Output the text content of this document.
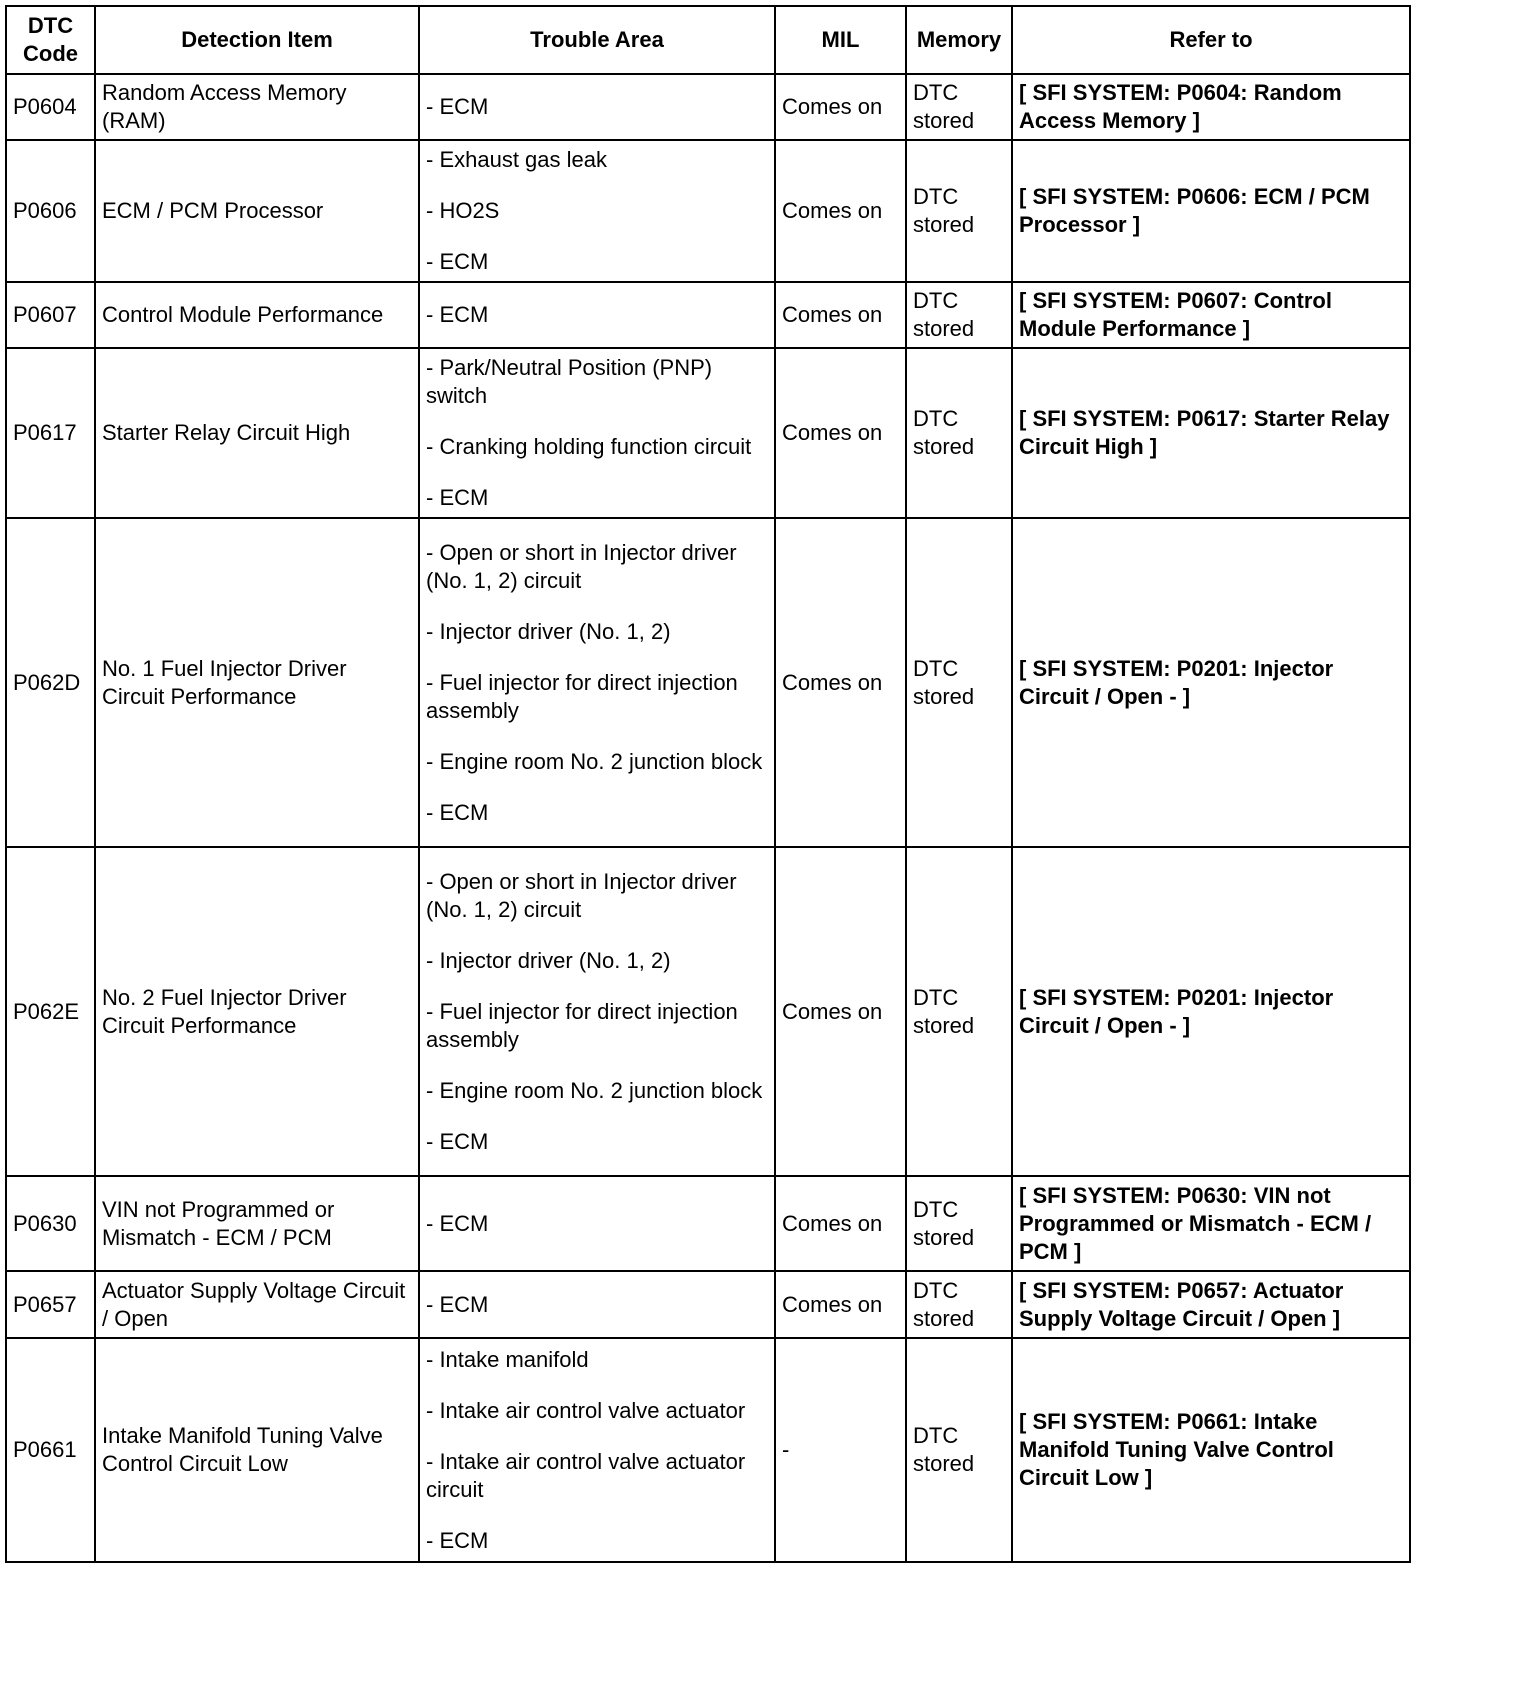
DTC Code	Detection Item	Trouble Area	MIL	Memory	Refer to
P0604	Random Access Memory (RAM)	- ECM	Comes on	DTC stored	[ SFI SYSTEM: P0604: Random Access Memory ]
P0606	ECM / PCM Processor	- Exhaust gas leak
- HO2S
- ECM	Comes on	DTC stored	[ SFI SYSTEM: P0606: ECM / PCM Processor ]
P0607	Control Module Performance	- ECM	Comes on	DTC stored	[ SFI SYSTEM: P0607: Control Module Performance ]
P0617	Starter Relay Circuit High	- Park/Neutral Position (PNP) switch
- Cranking holding function circuit
- ECM	Comes on	DTC stored	[ SFI SYSTEM: P0617: Starter Relay Circuit High ]
P062D	No. 1 Fuel Injector Driver Circuit Performance	- Open or short in Injector driver (No. 1, 2) circuit
- Injector driver (No. 1, 2)
- Fuel injector for direct injection assembly
- Engine room No. 2 junction block
- ECM	Comes on	DTC stored	[ SFI SYSTEM: P0201: Injector Circuit / Open - ]
P062E	No. 2 Fuel Injector Driver Circuit Performance	- Open or short in Injector driver (No. 1, 2) circuit
- Injector driver (No. 1, 2)
- Fuel injector for direct injection assembly
- Engine room No. 2 junction block
- ECM	Comes on	DTC stored	[ SFI SYSTEM: P0201: Injector Circuit / Open - ]
P0630	VIN not Programmed or Mismatch - ECM / PCM	- ECM	Comes on	DTC stored	[ SFI SYSTEM: P0630: VIN not Programmed or Mismatch - ECM / PCM ]
P0657	Actuator Supply Voltage Circuit / Open	- ECM	Comes on	DTC stored	[ SFI SYSTEM: P0657: Actuator Supply Voltage Circuit / Open ]
P0661	Intake Manifold Tuning Valve Control Circuit Low	- Intake manifold
- Intake air control valve actuator
- Intake air control valve actuator circuit
- ECM	-	DTC stored	[ SFI SYSTEM: P0661: Intake Manifold Tuning Valve Control Circuit Low ]
